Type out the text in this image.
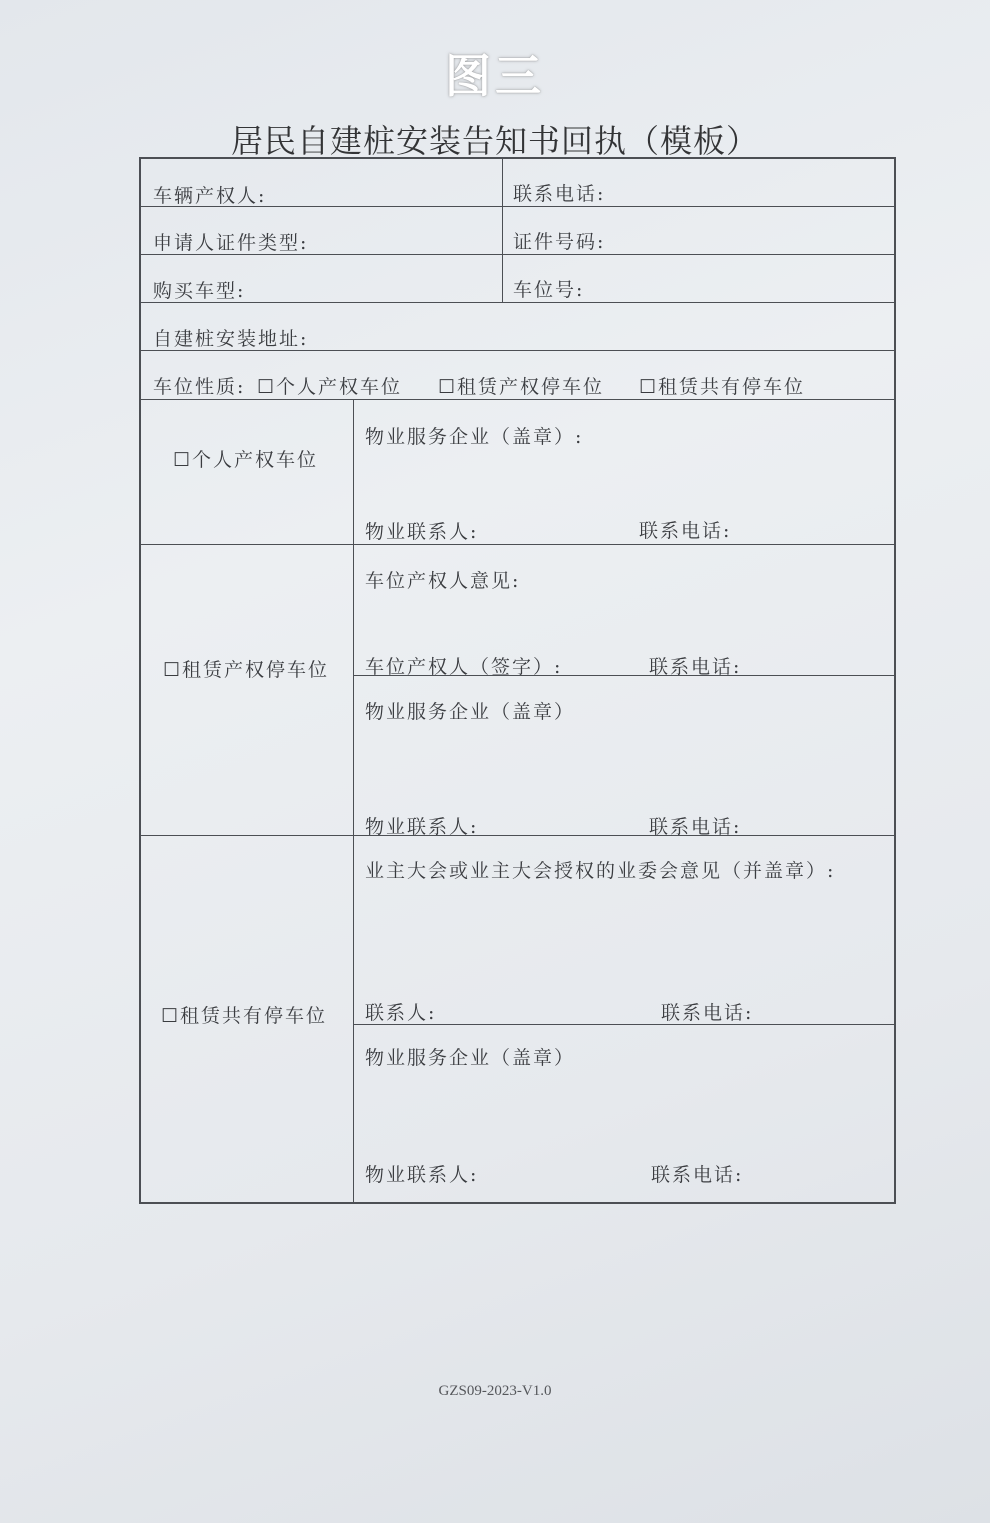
图三
居民自建桩安装告知书回执（模板）
车辆产权人:	联系电话:
申请人证件类型:	证件号码:
购买车型:	车位号:
自建桩安装地址:
车位性质: ☐个人产权车位 ☐租赁产权停车位 ☐租赁共有停车位
☐个人产权车位
物业服务企业（盖章）:
物业联系人:	联系电话:
☐租赁产权停车位
车位产权人意见:
车位产权人（签字）:	联系电话:
物业服务企业（盖章）
物业联系人:	联系电话:
☐租赁共有停车位
业主大会或业主大会授权的业委会意见（并盖章）:
联系人:	联系电话:
物业服务企业（盖章）
物业联系人:	联系电话:
GZS09-2023-V1.0
